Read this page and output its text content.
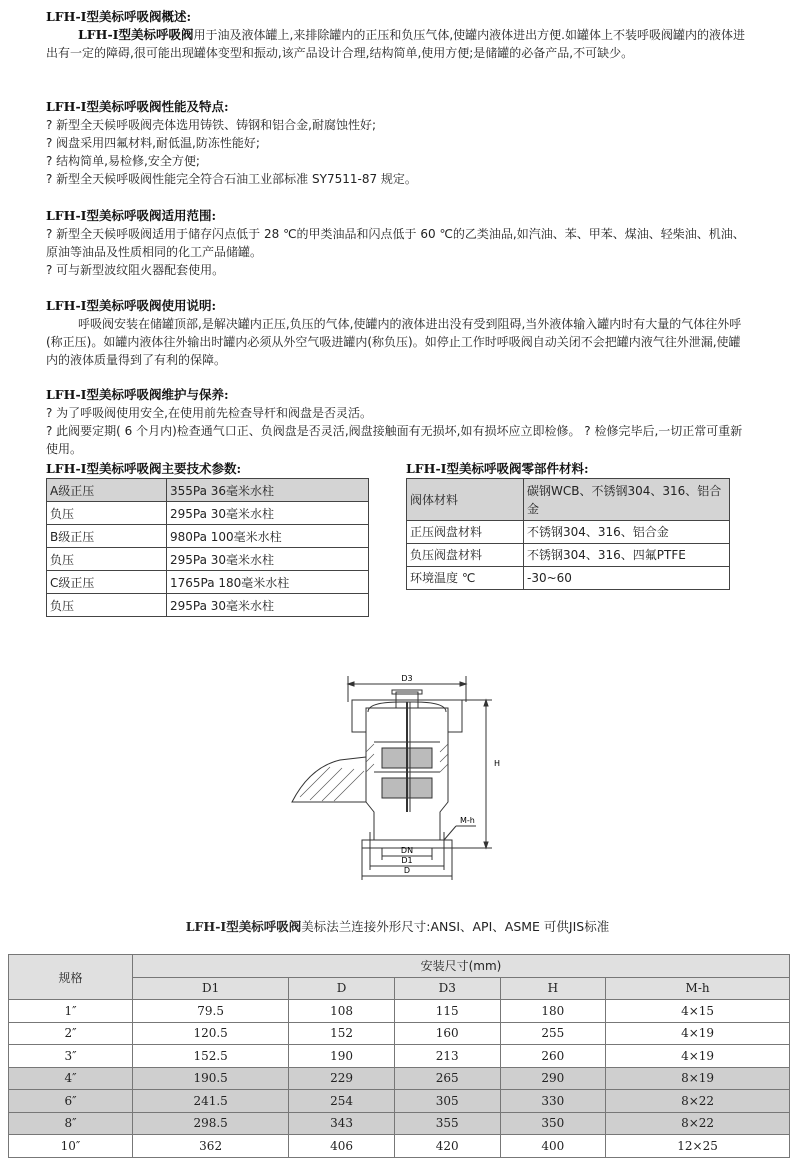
LFH-I型美标呼吸阀概述:
LFH-I型美标呼吸阀用于油及液体罐上,来排除罐内的正压和负压气体,使罐内液体进出方便.如罐体上不装呼吸阀罐内的液体进出有一定的障碍,很可能出现罐体变型和振动,该产品设计合理,结构简单,使用方便;是储罐的必备产品,不可缺少。
LFH-I型美标呼吸阀性能及特点:
? 新型全天候呼吸阀壳体选用铸铁、铸钢和铝合金,耐腐蚀性好;
? 阀盘采用四氟材料,耐低温,防冻性能好;
? 结构简单,易检修,安全方便;
? 新型全天候呼吸阀性能完全符合石油工业部标准 SY7511-87 规定。
LFH-I型美标呼吸阀适用范围:
? 新型全天候呼吸阀适用于储存闪点低于 28 ℃的甲类油品和闪点低于 60 ℃的乙类油品,如汽油、苯、甲苯、煤油、轻柴油、机油、原油等油品及性质相同的化工产品储罐。
? 可与新型波纹阻火器配套使用。
LFH-I型美标呼吸阀使用说明:
呼吸阀安装在储罐顶部,是解决罐内正压,负压的气体,使罐内的液体进出没有受到阻碍,当外液体输入罐内时有大量的气体往外呼(称正压)。如罐内液体往外输出时罐内必须从外空气吸进罐内(称负压)。如停止工作时呼吸阀自动关闭不会把罐内液气往外泄漏,使罐内的液体质量得到了有利的保障。
LFH-I型美标呼吸阀维护与保养:
? 为了呼吸阀使用安全,在使用前先检查导杆和阀盘是否灵活。
? 此阀要定期( 6 个月内)检查通气口正、负阀盘是否灵活,阀盘接触面有无损坏,如有损坏应立即检修。 ? 检修完毕后,一切正常可重新使用。
LFH-I型美标呼吸阀主要技术参数:	LFH-I型美标呼吸阀零部件材料:
A级正压	355Pa 36毫米水柱
负压	295Pa 30毫米水柱
B级正压	980Pa 100毫米水柱
负压	295Pa 30毫米水柱
C级正压	1765Pa 180毫米水柱
负压	295Pa 30毫米水柱
阀体材料	碳钢WCB、不锈钢304、316、铝合金
正压阀盘材料	不锈钢304、316、铝合金
负压阀盘材料	不锈钢304、316、四氟PTFE
环境温度 ℃	-30~60
D3
H
M-h
DN
D1
D
LFH-I型美标呼吸阀美标法兰连接外形尺寸:ANSI、API、ASME 可供JIS标准
规格	安装尺寸(mm)				
	D1	D	D3	H	M-h
1″	79.5	108	115	180	4×15
2″	120.5	152	160	255	4×19
3″	152.5	190	213	260	4×19
4″	190.5	229	265	290	8×19
6″	241.5	254	305	330	8×22
8″	298.5	343	355	350	8×22
10″	362	406	420	400	12×25
